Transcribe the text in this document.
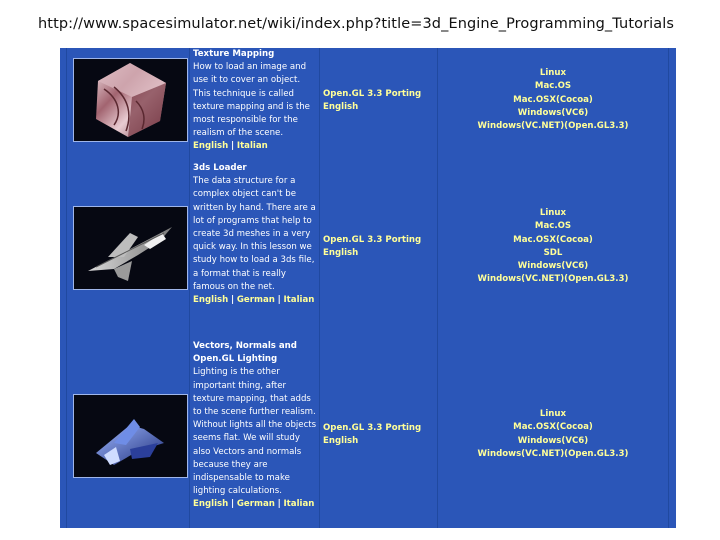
http://www.spacesimulator.net/wiki/index.php?title=3d_Engine_Programming_Tutorials
Texture Mapping
How to load an image and use it to cover an object. This technique is called texture mapping and is the most responsible for the realism of the scene.
English | Italian
Open.GL 3.3 Porting
English
Linux
Mac.OS
Mac.OSX(Cocoa)
Windows(VC6)
Windows(VC.NET)(Open.GL3.3)
3ds Loader
The data structure for a complex object can't be written by hand. There are a lot of programs that help to create 3d meshes in a very quick way. In this lesson we study how to load a 3ds file, a format that is really famous on the net.
English | German | Italian
Open.GL 3.3 Porting
English
Linux
Mac.OS
Mac.OSX(Cocoa)
SDL
Windows(VC6)
Windows(VC.NET)(Open.GL3.3)
Vectors, Normals and Open.GL Lighting
Lighting is the other important thing, after texture mapping, that adds to the scene further realism. Without lights all the objects seems flat. We will study also Vectors and normals because they are indispensable to make lighting calculations.
English | German | Italian
Open.GL 3.3 Porting
English
Linux
Mac.OSX(Cocoa)
Windows(VC6)
Windows(VC.NET)(Open.GL3.3)
